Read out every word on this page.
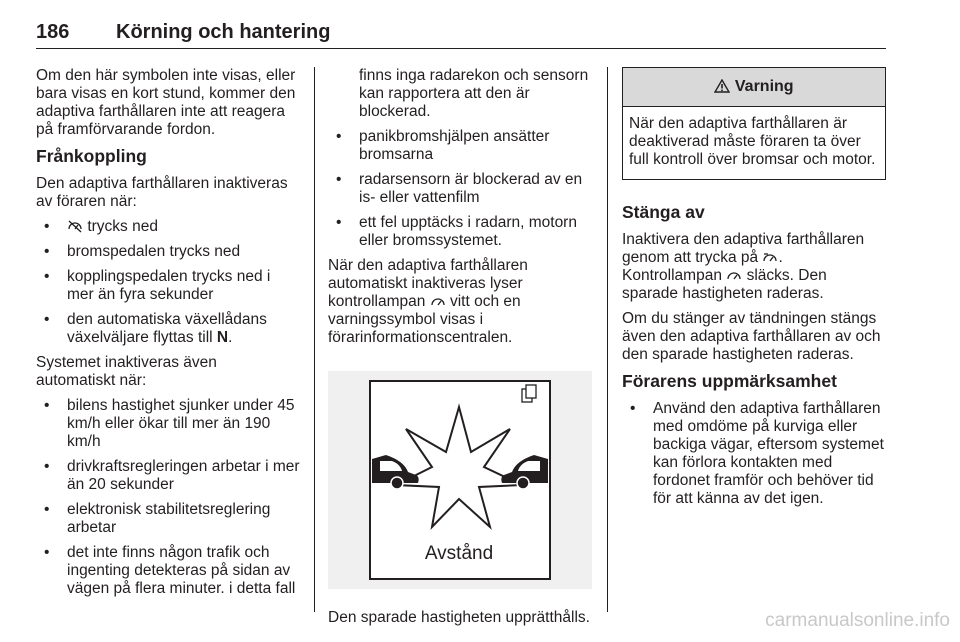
186 Körning och hantering

Om den här symbolen inte visas, eller bara visas en kort stund, kommer den adaptiva farthållaren inte att reagera på framförvarande fordon.

Frånkoppling

Den adaptiva farthållaren inaktiveras av föraren när:

• trycks ned
• bromspedalen trycks ned
• kopplingspedalen trycks ned i mer än fyra sekunder
• den automatiska växellådans växelväljare flyttas till N.

Systemet inaktiveras även automatiskt när:

• bilens hastighet sjunker under 45 km/h eller ökar till mer än 190 km/h
• drivkraftsregleringen arbetar i mer än 20 sekunder
• elektronisk stabilitetsreglering arbetar
• det inte finns någon trafik och ingenting detekteras på sidan av vägen på flera minuter. i detta fall

finns inga radarekon och sensorn kan rapportera att den är blockerad.

• panikbromshjälpen ansätter bromsarna
• radarsensorn är blockerad av en is- eller vattenfilm
• ett fel upptäcks i radarn, motorn eller bromssystemet.

När den adaptiva farthållaren automatiskt inaktiveras lyser kontrollampan vitt och en varningssymbol visas i förarinformationscentralen.

Avstånd

Den sparade hastigheten upprätthålls.

Varning
När den adaptiva farthållaren är deaktiverad måste föraren ta över full kontroll över bromsar och motor.
Stänga av

Inaktivera den adaptiva farthållaren genom att trycka på . Kontrollampan släcks. Den sparade hastigheten raderas.

Om du stänger av tändningen stängs även den adaptiva farthållaren av och den sparade hastigheten raderas.

Förarens uppmärksamhet
• Använd den adaptiva farthållaren med omdöme på kurviga eller backiga vägar, eftersom systemet kan förlora kontakten med fordonet framför och behöver tid för att känna av det igen.
carmanualsonline.info
